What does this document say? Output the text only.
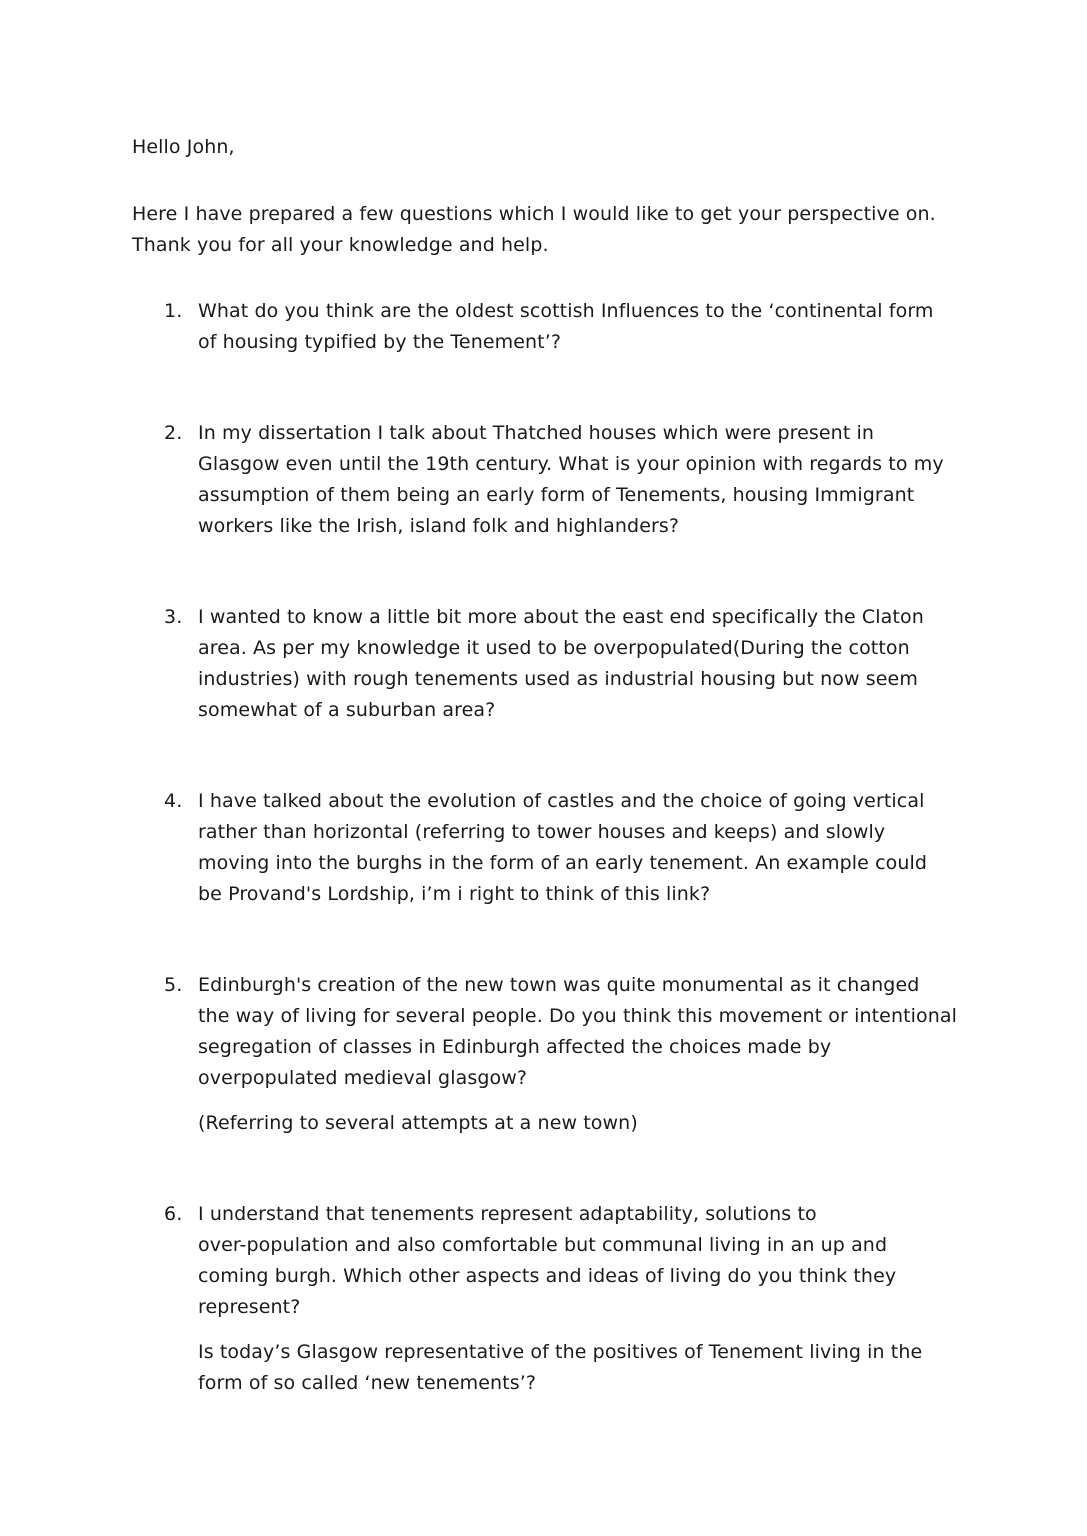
Hello John,

Here I have prepared a few questions which I would like to get your perspective on.
Thank you for all your knowledge and help.

1. What do you think are the oldest scottish Influences to the ‘continental form
of housing typified by the Tenement’?
2. In my dissertation I talk about Thatched houses which were present in
Glasgow even until the 19th century. What is your opinion with regards to my
assumption of them being an early form of Tenements, housing Immigrant
workers like the Irish, island folk and highlanders?
3. I wanted to know a little bit more about the east end specifically the Claton
area. As per my knowledge it used to be overpopulated(During the cotton
industries) with rough tenements used as industrial housing but now seem
somewhat of a suburban area?
4. I have talked about the evolution of castles and the choice of going vertical
rather than horizontal (referring to tower houses and keeps) and slowly
moving into the burghs in the form of an early tenement. An example could
be Provand's Lordship, i’m i right to think of this link?
5. Edinburgh's creation of the new town was quite monumental as it changed
the way of living for several people. Do you think this movement or intentional
segregation of classes in Edinburgh affected the choices made by
overpopulated medieval glasgow?
(Referring to several attempts at a new town)
6. I understand that tenements represent adaptability, solutions to
over-population and also comfortable but communal living in an up and
coming burgh. Which other aspects and ideas of living do you think they
represent?
Is today’s Glasgow representative of the positives of Tenement living in the
form of so called ‘new tenements’?
